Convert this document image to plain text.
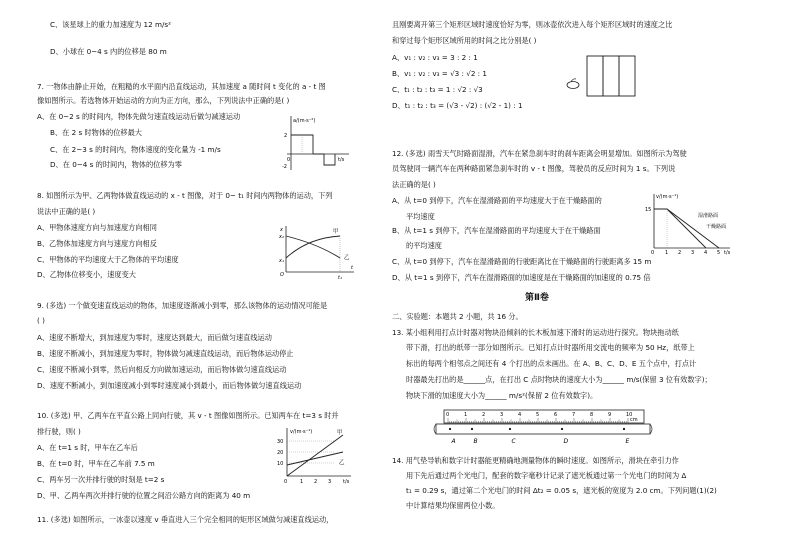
C、该星球上的重力加速度为 12 m/s²
D、小球在 0~4 s 内的位移是 80 m
7. 一物体由静止开始，在粗糙的水平面内沿直线运动，其加速度 a 随时间 t 变化的 a - t 图
像如图所示。若选物体开始运动的方向为正方向，那么，下列说法中正确的是( )
A、在 0~2 s 的时间内，物体先做匀速直线运动后做匀减速运动
B、在 2 s 时物体的位移最大
C、在 2~3 s 的时间内，物体速度的变化量为 -1 m/s
D、在 0~4 s 的时间内，物体的位移为零
a/(m·s⁻²)
t/s
2
-2
0
8. 如图所示为甲、乙两物体做直线运动的 x - t 图像，对于 0~ t₁ 时间内两物体的运动，下列
说法中正确的是( )
A、甲物体速度方向与加速度方向相同
B、乙物体加速度方向与速度方向相反
C、甲物体的平均速度大于乙物体的平均速度
D、乙物体位移变小，速度变大
x
t
O
x₂
x₁
t₁
甲
乙
9. (多选) 一个做变速直线运动的物体，加速度逐渐减小到零，那么该物体的运动情况可能是
( )
A、速度不断增大，到加速度为零时，速度达到最大，而后做匀速直线运动
B、速度不断减小，到加速度为零时，物体做匀减速直线运动，而后物体运动停止
C、速度不断减小到零，然后向相反方向做加速运动，而后物体做匀速直线运动
D、速度不断减小，到加速度减小到零时速度减小到最小，而后物体做匀速直线运动
10. (多选) 甲、乙两车在平直公路上同向行驶，其 v - t 图像如图所示。已知两车在 t=3 s 时并
排行驶，则( )
A、在 t=1 s 时，甲车在乙车后
B、在 t=0 时，甲车在乙车前 7.5 m
C、两车另一次并排行驶的时刻是 t=2 s
D、甲、乙两车两次并排行驶的位置之间沿公路方向的距离为 40 m
v/(m·s⁻¹)
t/s
30
20
10
0	1 2 3
甲
乙
11. (多选) 如图所示，一冰壶以速度 v 垂直进入三个完全相同的矩形区域做匀减速直线运动，
且刚要离开第三个矩形区域时速度恰好为零，则冰壶依次进入每个矩形区域时的速度之比
和穿过每个矩形区域所用的时间之比分别是( )
A、v₁ : v₂ : v₃ = 3 : 2 : 1
B、v₁ : v₂ : v₃ = √3 : √2 : 1
C、t₁ : t₂ : t₃ = 1 : √2 : √3
D、t₁ : t₂ : t₃ = (√3 - √2) : (√2 - 1) : 1
12. (多选) 雨雪天气时路面湿滑，汽车在紧急刹车时的刹车距离会明显增加。如图所示为驾驶
员驾驶同一辆汽车在两种路面紧急刹车时的 v - t 图像，驾驶员的反应时间为 1 s。下列说
法正确的是( )
A、从 t=0 到停下，汽车在湿滑路面的平均速度大于在干燥路面的
平均速度
B、从 t=1 s 到停下，汽车在湿滑路面的平均速度大于在干燥路面
的平均速度
C、从 t=0 到停下，汽车在湿滑路面的行驶距离比在干燥路面的行驶距离多 15 m
D、从 t=1 s 到停下，汽车在湿滑路面的加速度是在干燥路面的加速度的 0.75 倍
v/(m·s⁻¹)
t/s
15
0 1 2 3 4 5
湿滑路面
干燥路面
第Ⅱ卷
二、实验题：本题共 2 小题，共 16 分。
13. 某小组利用打点计时器对物块沿倾斜的长木板加速下滑时的运动进行探究。物块拖动纸
带下滑，打出的纸带一部分如图所示。已知打点计时器所用交流电的频率为 50 Hz，纸带上
标出的每两个相邻点之间还有 4 个打出的点未画出。在 A、B、C、D、E 五个点中，打点计
时器最先打出的是______点，在打出 C 点时物块的速度大小为______ m/s(保留 3 位有效数字)；
物块下滑的加速度大小为______ m/s²(保留 2 位有效数字)。
0	1	2	3	4	5	6	7	8	9	10
cm
A	B	C	D	E
14. 用气垫导轨和数字计时器能更精确地测量物体的瞬时速度。如图所示，滑块在牵引力作
用下先后通过两个光电门，配套的数字毫秒计记录了遮光板通过第一个光电门的时间为 Δ
t₁ = 0.29 s，通过第二个光电门的时间 Δt₂ = 0.05 s，遮光板的宽度为 2.0 cm。下列问题(1)(2)
中计算结果均保留两位小数。
